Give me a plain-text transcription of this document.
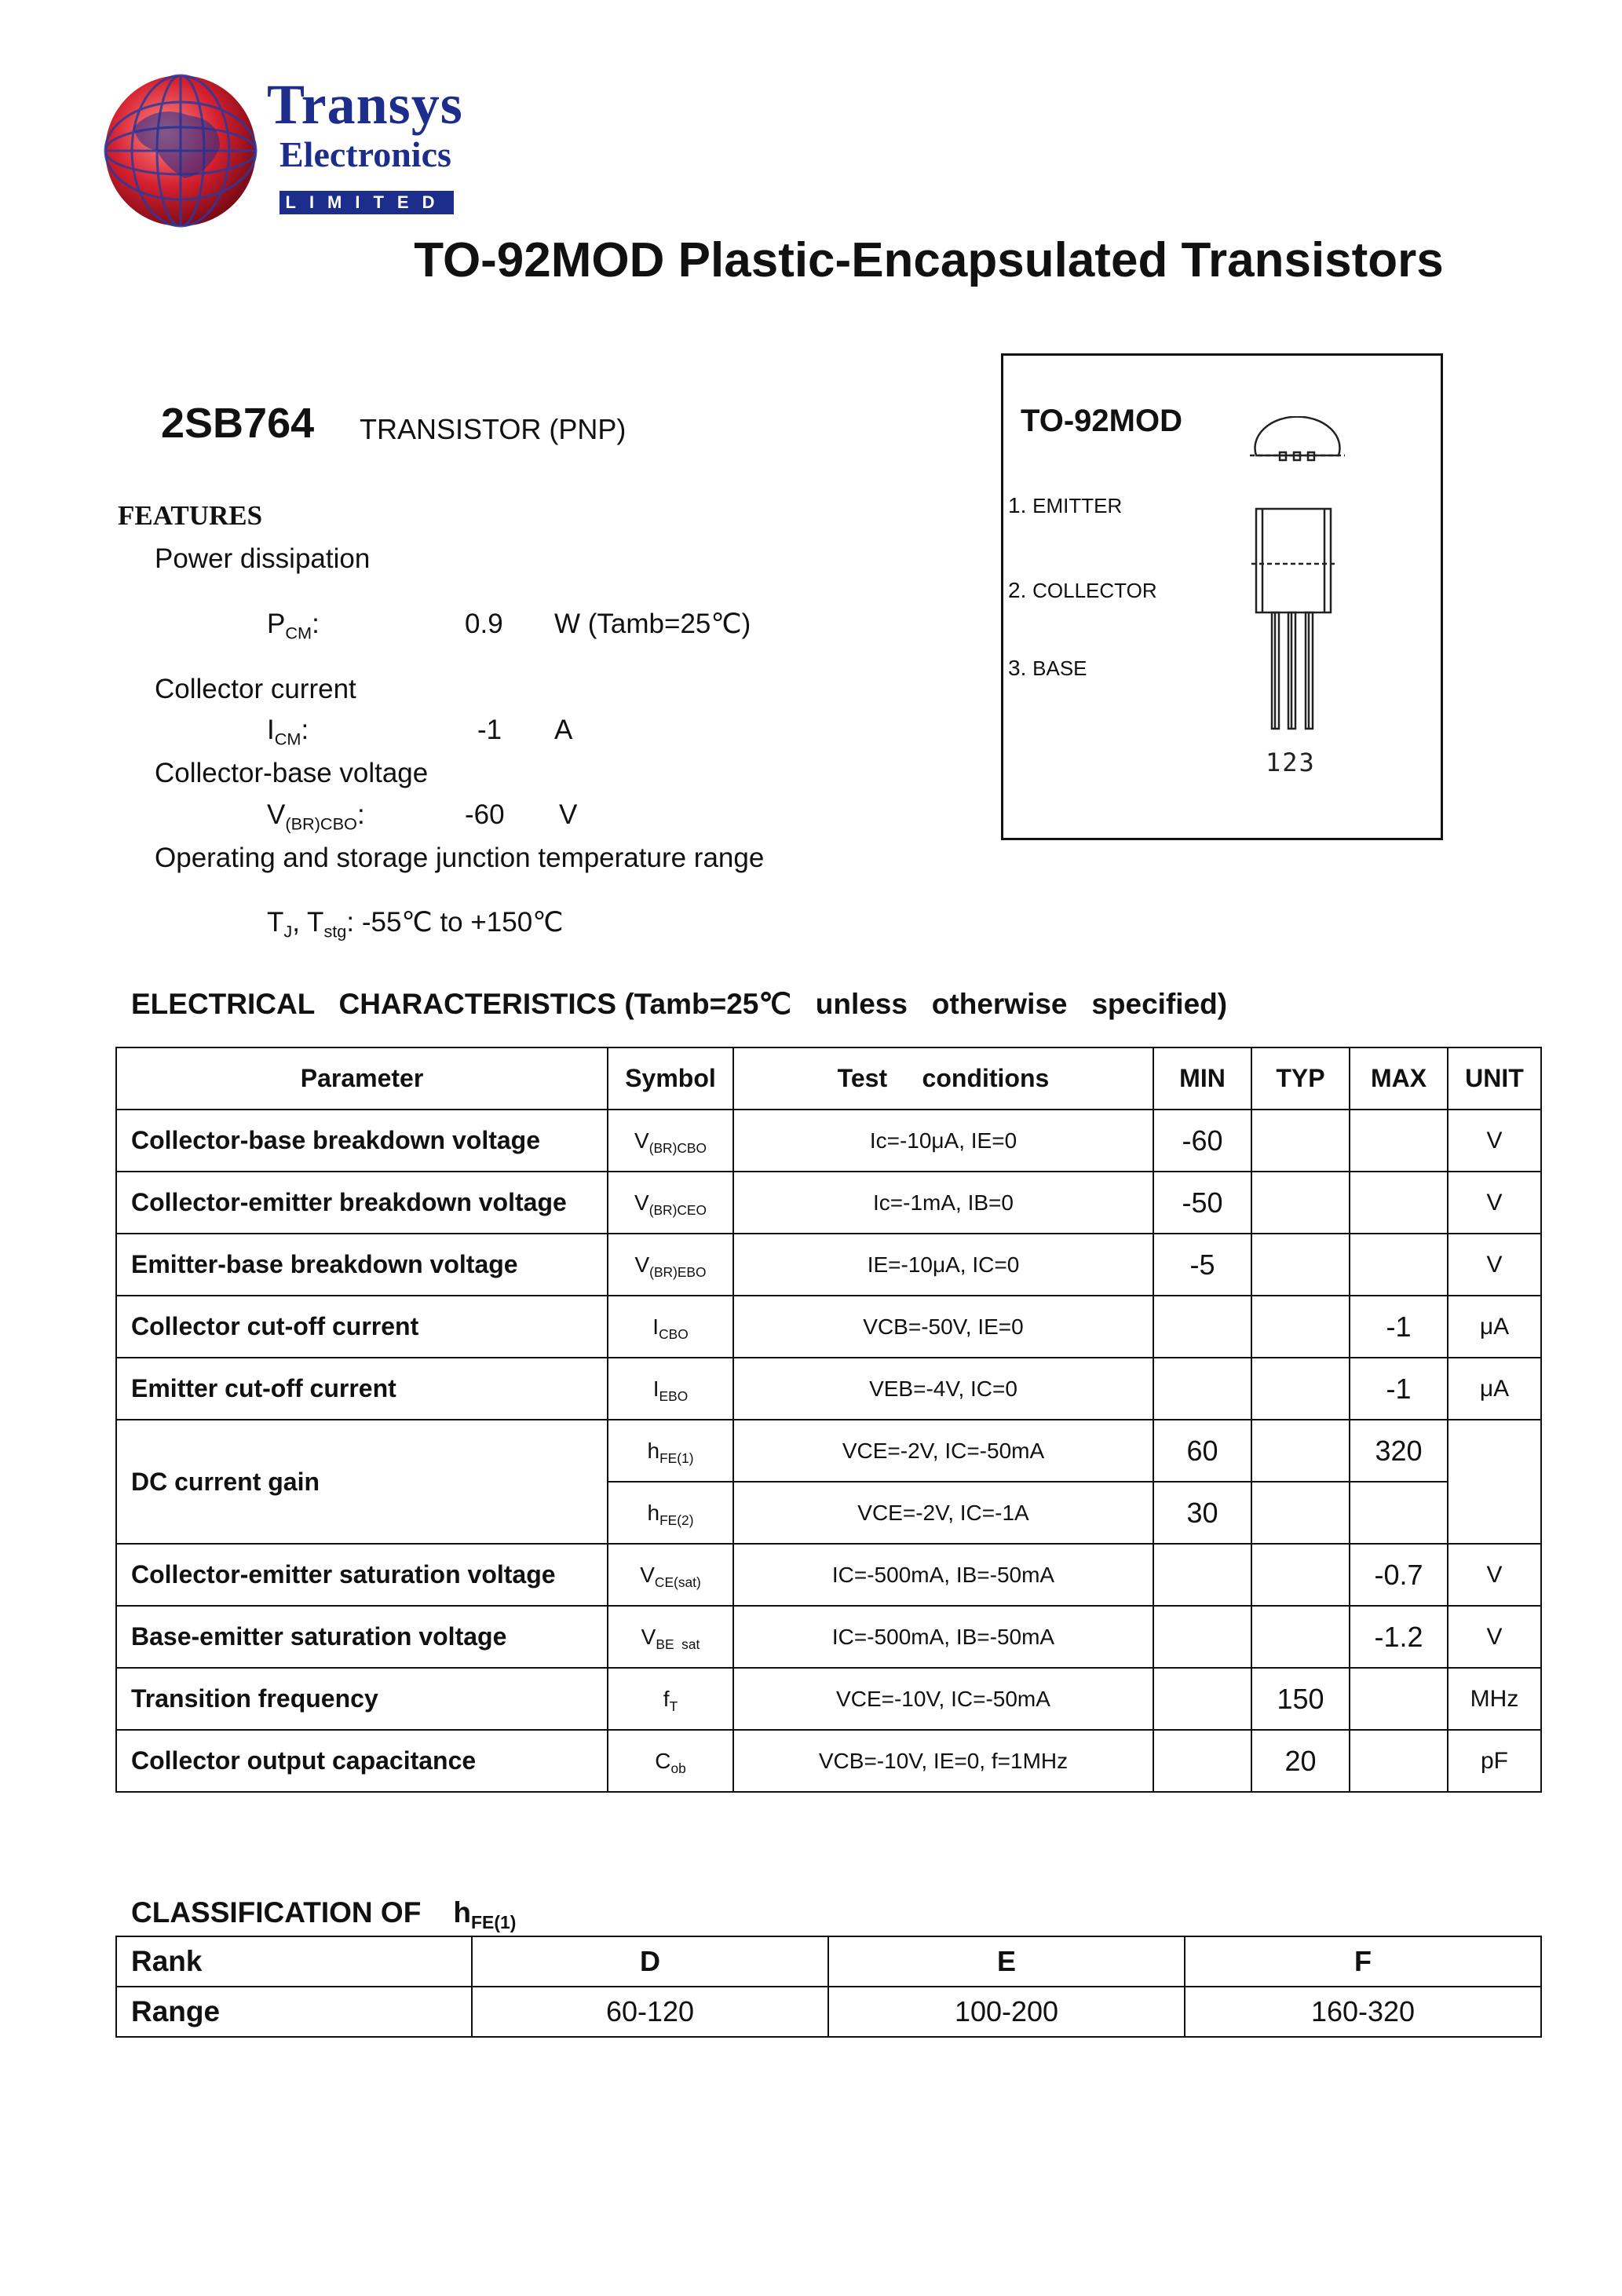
Transys
Electronics
LIMITED
TO-92MOD Plastic-Encapsulated Transistors
2SB764 TRANSISTOR (PNP)
FEATURES
Power dissipation
$P_{CM}$:	0.9 W (Tamb=25℃)
Collector current
$I_{CM}$:	-1 A
Collector-base voltage
$V_{(BR)CBO}$:	-60 V
Operating and storage junction temperature range
$T_J$, $T_{stg}$: -55℃ to +150℃
TO-92MOD
1. EMITTER
2. COLLECTOR
3. BASE
123
ELECTRICAL   CHARACTERISTICS (Tamb=25℃   unless   otherwise   specified)
Parameter	Symbol	Test     conditions	MIN	TYP	MAX	UNIT
Collector-base breakdown voltage	$V_{(BR)CBO}$	Ic=-10μA, IE=0	-60			V
Collector-emitter breakdown voltage	$V_{(BR)CEO}$	Ic=-1mA, IB=0	-50			V
Emitter-base breakdown voltage	$V_{(BR)EBO}$	IE=-10μA, IC=0	-5			V
Collector cut-off current	$I_{CBO}$	VCB=-50V, IE=0			-1	μA
Emitter cut-off current	$I_{EBO}$	VEB=-4V, IC=0			-1	μA
DC current gain	$h_{FE(1)}$	VCE=-2V, IC=-50mA	60		320	
	$h_{FE(2)}$	VCE=-2V, IC=-1A	30			
Collector-emitter saturation voltage	$V_{CE(sat)}$	IC=-500mA, IB=-50mA			-0.7	V
Base-emitter saturation voltage	$V_{BE sat}$	IC=-500mA, IB=-50mA			-1.2	V
Transition frequency	$f_T$	VCE=-10V, IC=-50mA		150		MHz
Collector output capacitance	$C_{ob}$	VCB=-10V, IE=0, f=1MHz		20		pF
CLASSIFICATION OF    $h_{FE(1)}$
Rank	D	E	F
Range	60-120	100-200	160-320
